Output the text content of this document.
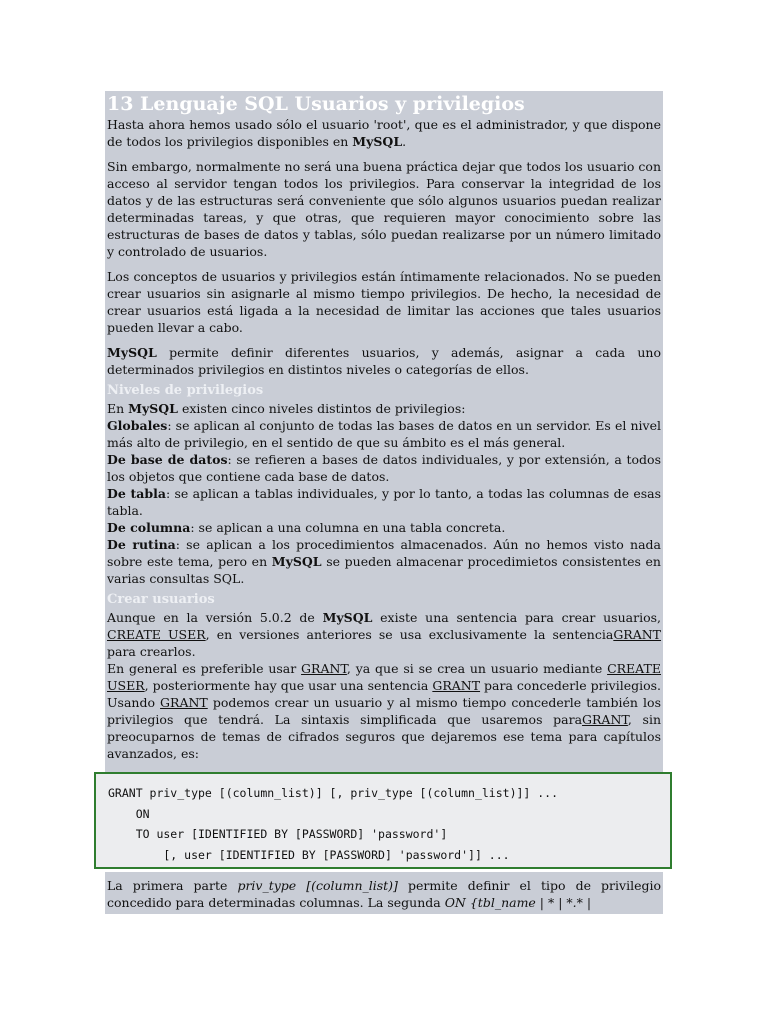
13 Lenguaje SQL Usuarios y privilegios

Hasta ahora hemos usado sólo el usuario 'root', que es el administrador, y que dispone de todos los privilegios disponibles en MySQL.

Sin embargo, normalmente no será una buena práctica dejar que todos los usuario con acceso al servidor tengan todos los privilegios. Para conservar la integridad de los datos y de las estructuras será conveniente que sólo algunos usuarios puedan realizar determinadas tareas, y que otras, que requieren mayor conocimiento sobre las estructuras de bases de datos y tablas, sólo puedan realizarse por un número limitado y controlado de usuarios.

Los conceptos de usuarios y privilegios están íntimamente relacionados. No se pueden crear usuarios sin asignarle al mismo tiempo privilegios. De hecho, la necesidad de crear usuarios está ligada a la necesidad de limitar las acciones que tales usuarios pueden llevar a cabo.

MySQL permite definir diferentes usuarios, y además, asignar a cada uno determinados privilegios en distintos niveles o categorías de ellos.

Niveles de privilegios

En MySQL existen cinco niveles distintos de privilegios:

Globales: se aplican al conjunto de todas las bases de datos en un servidor. Es el nivel más alto de privilegio, en el sentido de que su ámbito es el más general.

De base de datos: se refieren a bases de datos individuales, y por extensión, a todos los objetos que contiene cada base de datos.

De tabla: se aplican a tablas individuales, y por lo tanto, a todas las columnas de esas tabla.

De columna: se aplican a una columna en una tabla concreta.

De rutina: se aplican a los procedimientos almacenados. Aún no hemos visto nada sobre este tema, pero en MySQL se pueden almacenar procedimietos consistentes en varias consultas SQL.

Crear usuarios

Aunque en la versión 5.0.2 de MySQL existe una sentencia para crear usuarios, CREATE USER, en versiones anteriores se usa exclusivamente la sentenciaGRANT para crearlos.

En general es preferible usar GRANT, ya que si se crea un usuario mediante CREATE USER, posteriormente hay que usar una sentencia GRANT para concederle privilegios. Usando GRANT podemos crear un usuario y al mismo tiempo concederle también los privilegios que tendrá. La sintaxis simplificada que usaremos paraGRANT, sin preocuparnos de temas de cifrados seguros que dejaremos ese tema para capítulos avanzados, es:

GRANT priv_type [(column_list)] [, priv_type [(column_list)]] ...
ON
TO user [IDENTIFIED BY [PASSWORD] 'password']
[, user [IDENTIFIED BY [PASSWORD] 'password']] ...

La primera parte priv_type [(column_list)] permite definir el tipo de privilegio concedido para determinadas columnas. La segunda ON {tbl_name | * | *.* |
